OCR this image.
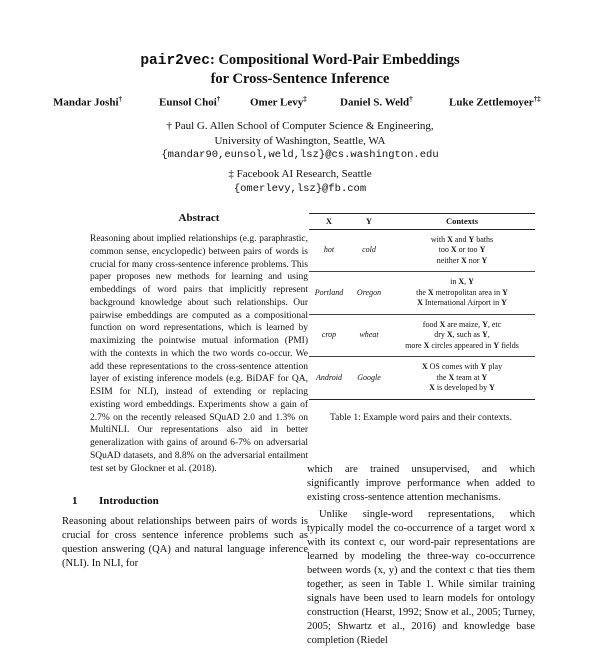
pair2vec: Compositional Word-Pair Embeddings
for Cross-Sentence Inference
Mandar Joshi†	Eunsol Choi†	Omer Levy‡	Daniel S. Weld†	Luke Zettlemoyer†‡
† Paul G. Allen School of Computer Science & Engineering,
University of Washington, Seattle, WA
{mandar90,eunsol,weld,lsz}@cs.washington.edu
‡ Facebook AI Research, Seattle
{omerlevy,lsz}@fb.com
Abstract
Reasoning about implied relationships (e.g. paraphrastic, common sense, encyclopedic) between pairs of words is crucial for many cross-sentence inference problems. This paper proposes new methods for learning and using embeddings of word pairs that implicitly represent background knowledge about such relationships. Our pairwise embeddings are computed as a compositional function on word representations, which is learned by maximizing the pointwise mutual information (PMI) with the contexts in which the two words co-occur. We add these representations to the cross-sentence attention layer of existing inference models (e.g. BiDAF for QA, ESIM for NLI), instead of extending or replacing existing word embeddings. Experiments show a gain of 2.7% on the recently released SQuAD 2.0 and 1.3% on MultiNLI. Our representations also aid in better generalization with gains of around 6-7% on adversarial SQuAD datasets, and 8.8% on the adversarial entailment test set by Glockner et al. (2018).
1 Introduction
Reasoning about relationships between pairs of words is crucial for cross sentence inference problems such as question answering (QA) and natural language inference (NLI). In NLI, for
X	Y	Contexts
hot	cold	with X and Y baths
too X or too Y
neither X nor Y

Portland	Oregon	in X, Y
the X metropolitan area in Y
X International Airport in Y

crop	wheat	food X are maize, Y, etc
dry X, such as Y,
more X circles appeared in Y fields

Android	Google	X OS comes with Y play
the X team at Y
X is developed by Y
Table 1: Example word pairs and their contexts.

which are trained unsupervised, and which significantly improve performance when added to existing cross-sentence attention mechanisms.

Unlike single-word representations, which typically model the co-occurrence of a target word x with its context c, our word-pair representations are learned by modeling the three-way co-occurrence between words (x, y) and the context c that ties them together, as seen in Table 1. While similar training signals have been used to learn models for ontology construction (Hearst, 1992; Snow et al., 2005; Turney, 2005; Shwartz et al., 2016) and knowledge base completion (Riedel
